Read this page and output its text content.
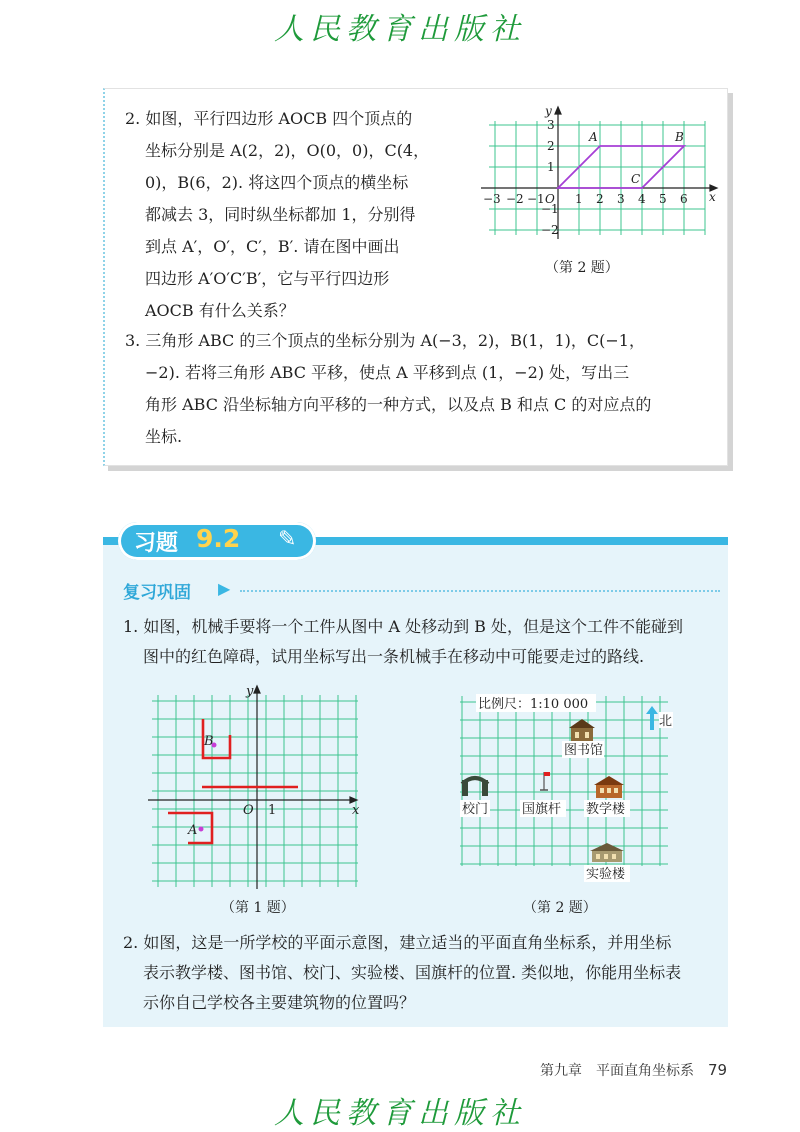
人民教育出版社
2. 如图，平行四边形 AOCB 四个顶点的
坐标分别是 A(2，2)，O(0，0)，C(4，
0)，B(6，2). 将这四个顶点的横坐标
都减去 3，同时纵坐标都加 1，分别得
到点 A′，O′，C′，B′. 请在图中画出
四边形 A′O′C′B′，它与平行四边形
AOCB 有什么关系？
−3 −2 −1 O 1 2 3 4 5 6
3
2
1
−1
−2
x
y
A	B
C
（第 2 题）
3. 三角形 ABC 的三个顶点的坐标分别为 A(−3，2)，B(1，1)，C(−1，
−2). 若将三角形 ABC 平移，使点 A 平移到点 (1，−2) 处，写出三
角形 ABC 沿坐标轴方向平移的一种方式，以及点 B 和点 C 的对应点的
坐标.
习题 9.2 ✎
复习巩固 ▶
1. 如图，机械手要将一个工件从图中 A 处移动到 B 处，但是这个工件不能碰到
图中的红色障碍，试用坐标写出一条机械手在移动中可能要走过的路线.
B
A
O	x
y
1
（第 1 题）
比例尺：1:10 000
北
图书馆
校门	国旗杆 教学楼
实验楼
（第 2 题）
2. 如图，这是一所学校的平面示意图，建立适当的平面直角坐标系，并用坐标
表示教学楼、图书馆、校门、实验楼、国旗杆的位置. 类似地，你能用坐标表
示你自己学校各主要建筑物的位置吗？
第九章　平面直角坐标系 79
人民教育出版社
